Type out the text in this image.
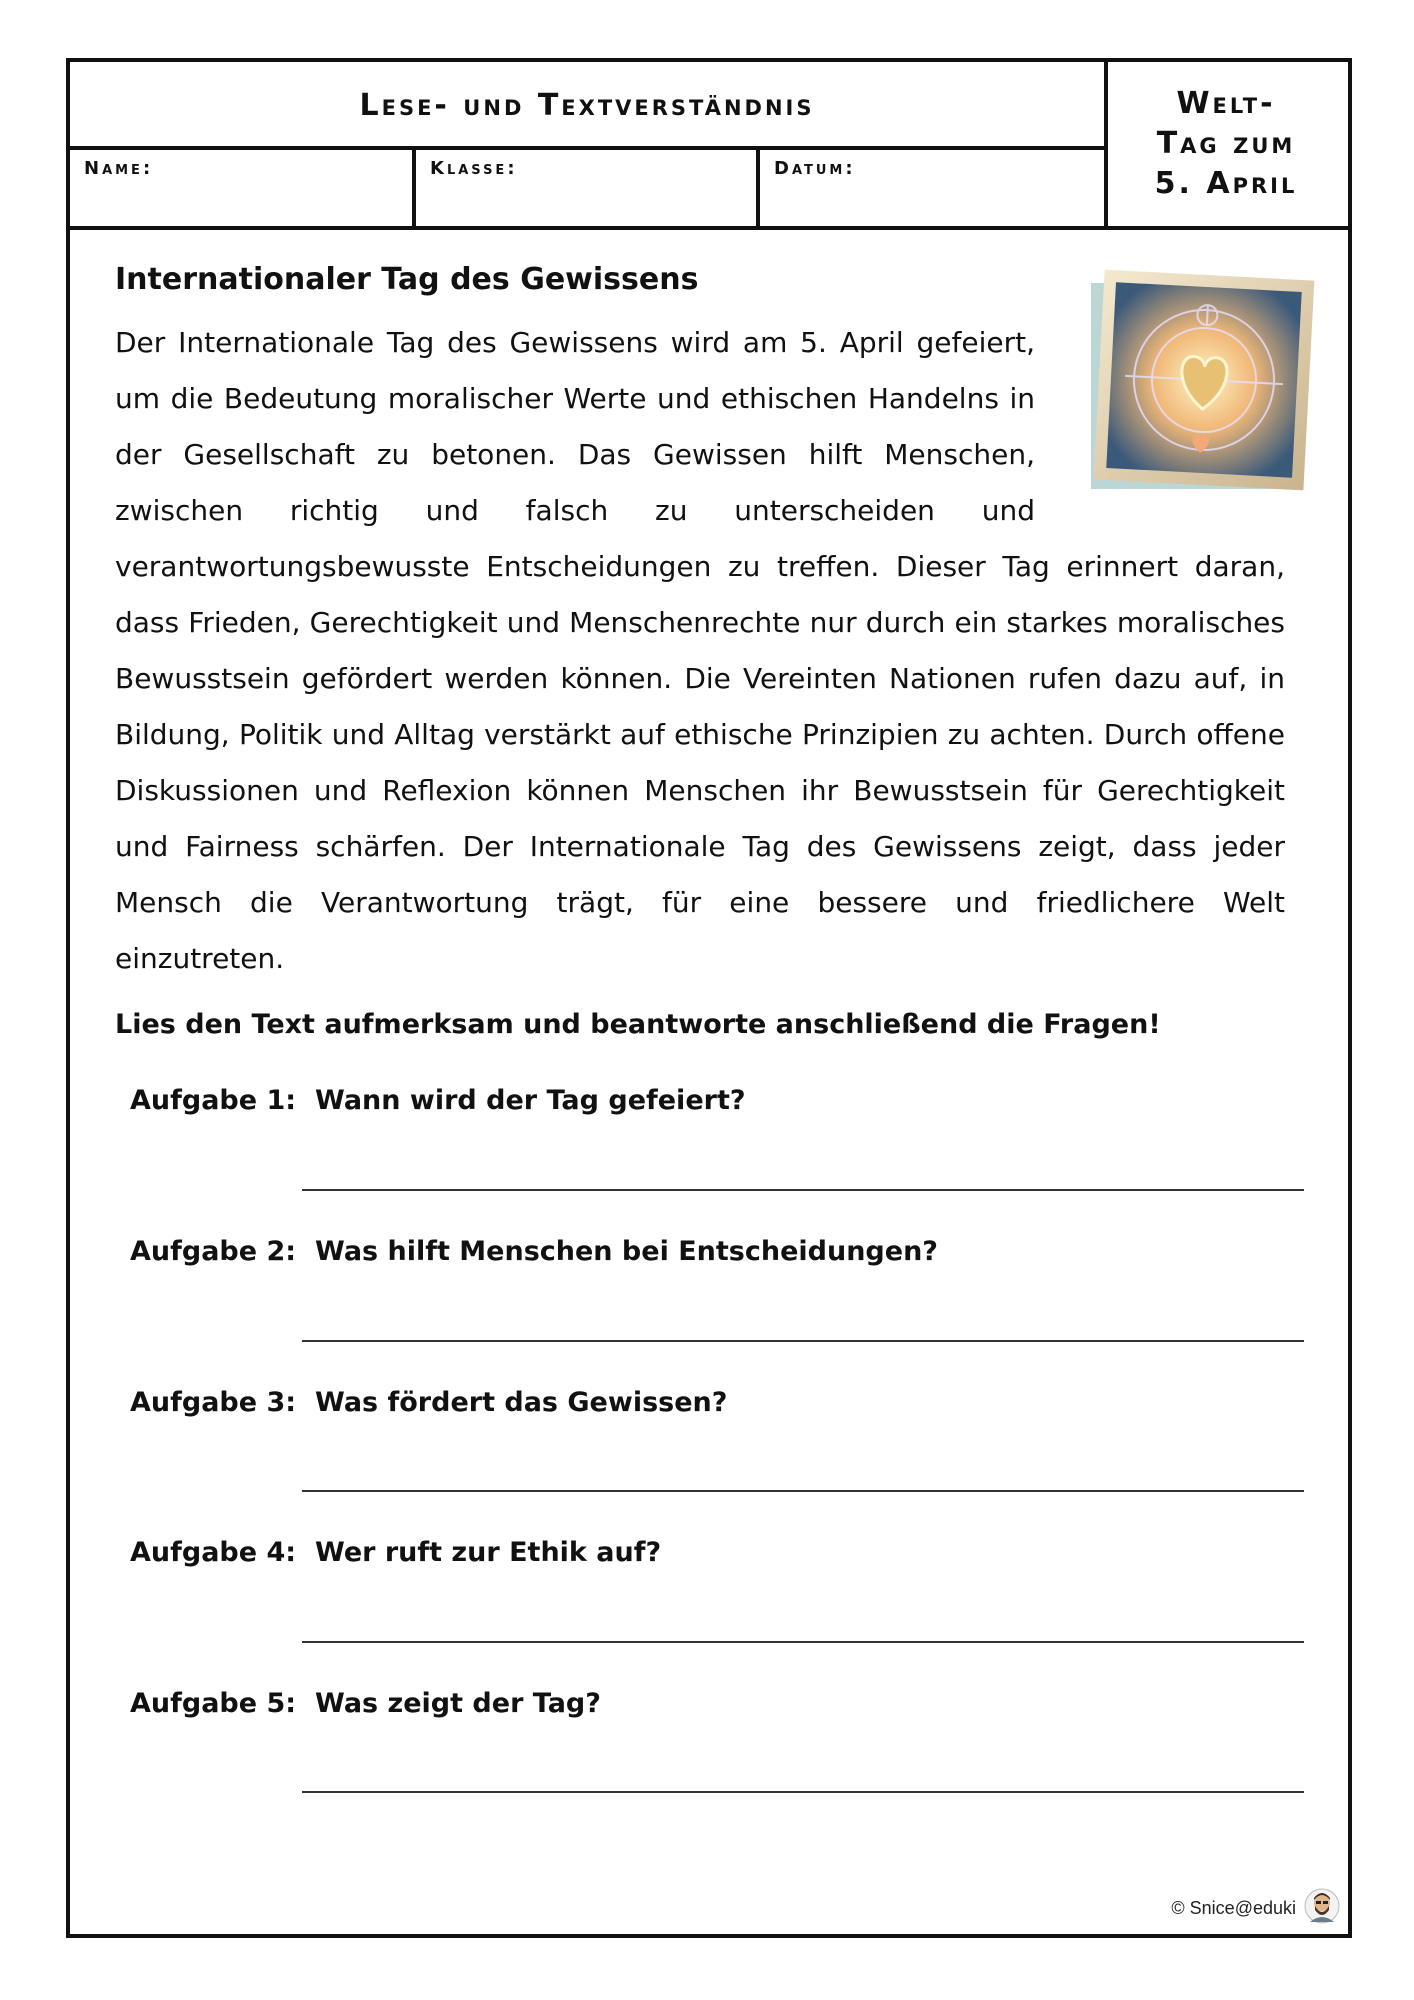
Lese- und Textverständnis
Name:	Klasse:	Datum:
Welt-
Tag zum
5. April
Internationaler Tag des Gewissens

Der Internationale Tag des Gewissens wird am 5. April gefeiert, um die Bedeutung moralischer Werte und ethischen Handelns in der Gesellschaft zu betonen. Das Gewissen hilft Menschen, zwischen richtig und falsch zu unterscheiden und verantwortungsbewusste Entscheidungen zu treffen. Dieser Tag erinnert daran, dass Frieden, Gerechtigkeit und Menschenrechte nur durch ein starkes moralisches Bewusstsein gefördert werden können. Die Vereinten Nationen rufen dazu auf, in Bildung, Politik und Alltag verstärkt auf ethische Prinzipien zu achten. Durch offene Diskussionen und Reflexion können Menschen ihr Bewusstsein für Gerechtigkeit und Fairness schärfen. Der Internationale Tag des Gewissens zeigt, dass jeder Mensch die Verantwortung trägt, für eine bessere und friedlichere Welt einzutreten.

Lies den Text aufmerksam und beantworte anschließend die Fragen!

Aufgabe 1: Wann wird der Tag gefeiert?
Aufgabe 2: Was hilft Menschen bei Entscheidungen?
Aufgabe 3: Was fördert das Gewissen?
Aufgabe 4: Wer ruft zur Ethik auf?
Aufgabe 5: Was zeigt der Tag?
© Snice@eduki
